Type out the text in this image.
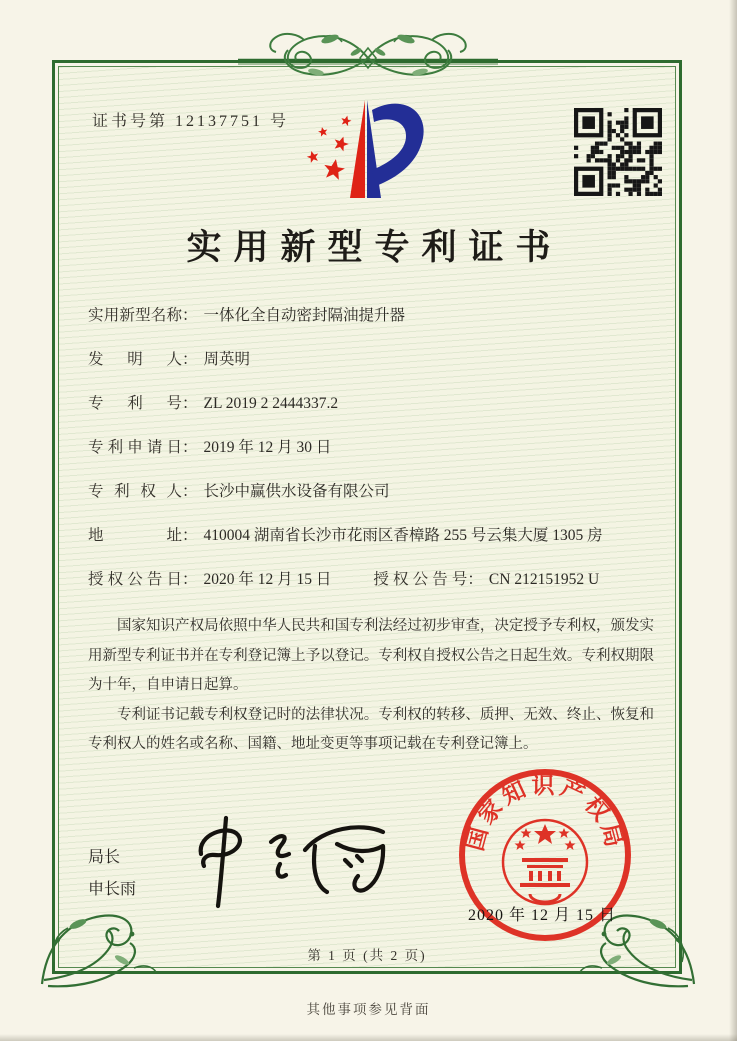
证书号第 12137751 号
实用新型专利证书
实用新型名称： 一体化全自动密封隔油提升器
发明人： 周英明
专利号： ZL 2019 2 2444337.2
专利申请日： 2019 年 12 月 30 日
专利权人： 长沙中赢供水设备有限公司
地址： 410004 湖南省长沙市花雨区香樟路 255 号云集大厦 1305 房
授权公告日： 2020 年 12 月 15 日	授权公告号： CN 212151952 U

国家知识产权局依照中华人民共和国专利法经过初步审查，决定授予专利权，颁发实用新型专利证书并在专利登记簿上予以登记。专利权自授权公告之日起生效。专利权期限为十年，自申请日起算。

专利证书记载专利权登记时的法律状况。专利权的转移、质押、无效、终止、恢复和专利权人的姓名或名称、国籍、地址变更等事项记载在专利登记簿上。

局长
申长雨
国家知识产权局
2020 年 12 月 15 日
第 1 页 (共 2 页)
其他事项参见背面
